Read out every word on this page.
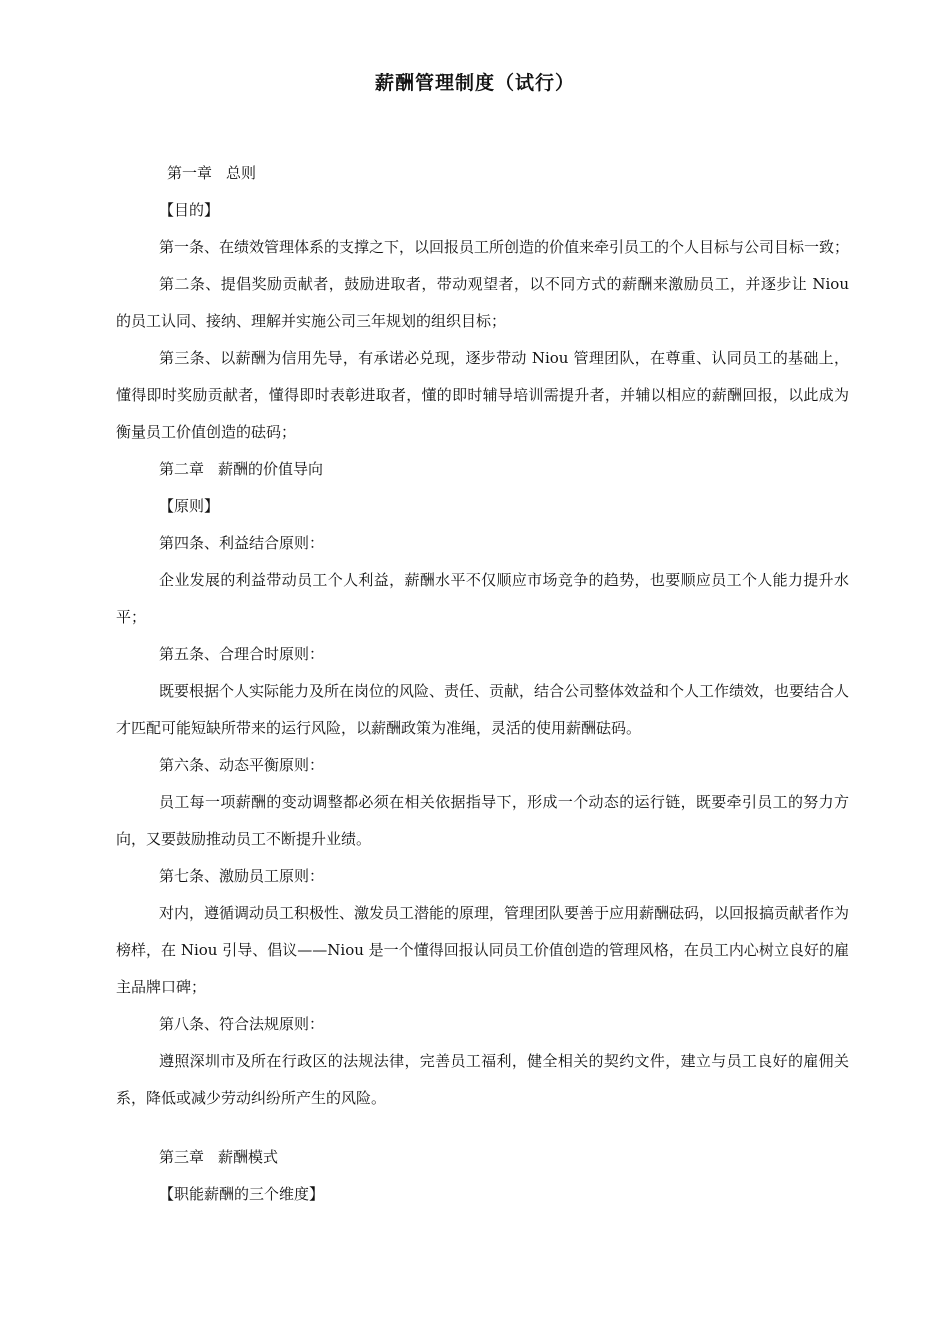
薪酬管理制度（试行）

第一章 总则

【目的】

第一条、在绩效管理体系的支撑之下，以回报员工所创造的价值来牵引员工的个人目标与公司目标一致；

第二条、提倡奖励贡献者，鼓励进取者，带动观望者，以不同方式的薪酬来激励员工，并逐步让 Niou 的员工认同、接纳、理解并实施公司三年规划的组织目标；

第三条、以薪酬为信用先导，有承诺必兑现，逐步带动 Niou 管理团队，在尊重、认同员工的基础上，懂得即时奖励贡献者，懂得即时表彰进取者，懂的即时辅导培训需提升者，并辅以相应的薪酬回报，以此成为衡量员工价值创造的砝码；

第二章 薪酬的价值导向

【原则】

第四条、利益结合原则：

企业发展的利益带动员工个人利益，薪酬水平不仅顺应市场竞争的趋势，也要顺应员工个人能力提升水平；

第五条、合理合时原则：

既要根据个人实际能力及所在岗位的风险、责任、贡献，结合公司整体效益和个人工作绩效，也要结合人才匹配可能短缺所带来的运行风险，以薪酬政策为准绳，灵活的使用薪酬砝码。

第六条、动态平衡原则：

员工每一项薪酬的变动调整都必须在相关依据指导下，形成一个动态的运行链，既要牵引员工的努力方向，又要鼓励推动员工不断提升业绩。

第七条、激励员工原则：

对内，遵循调动员工积极性、激发员工潜能的原理，管理团队要善于应用薪酬砝码，以回报搞贡献者作为榜样，在 Niou 引导、倡议——Niou 是一个懂得回报认同员工价值创造的管理风格，在员工内心树立良好的雇主品牌口碑；

第八条、符合法规原则：

遵照深圳市及所在行政区的法规法律，完善员工福利，健全相关的契约文件，建立与员工良好的雇佣关系，降低或减少劳动纠纷所产生的风险。

第三章 薪酬模式

【职能薪酬的三个维度】
